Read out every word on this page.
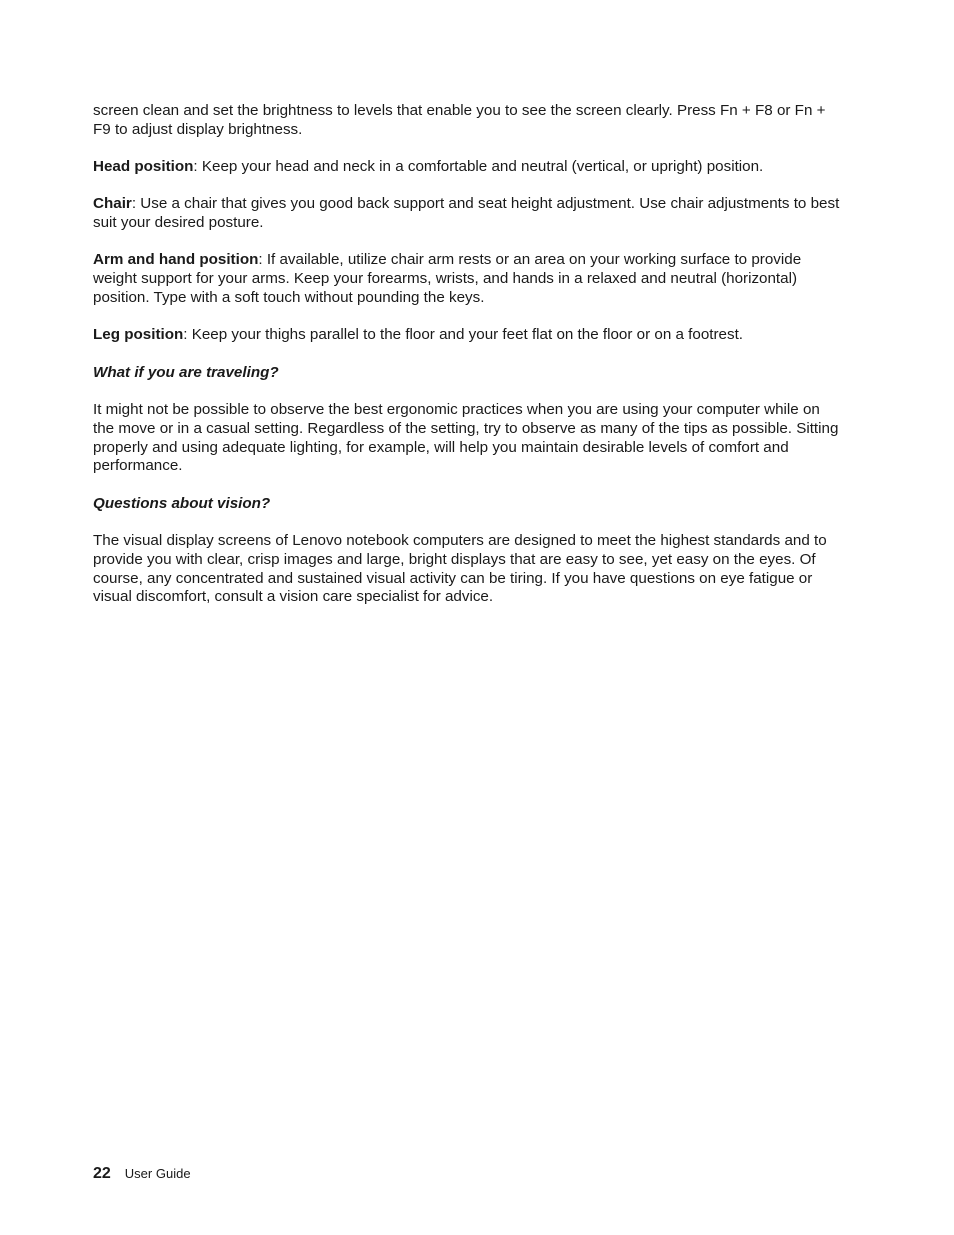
screen clean and set the brightness to levels that enable you to see the screen clearly. Press Fn + F8 or Fn + F9 to adjust display brightness.

Head position: Keep your head and neck in a comfortable and neutral (vertical, or upright) position.

Chair: Use a chair that gives you good back support and seat height adjustment. Use chair adjustments to best suit your desired posture.

Arm and hand position: If available, utilize chair arm rests or an area on your working surface to provide weight support for your arms. Keep your forearms, wrists, and hands in a relaxed and neutral (horizontal) position. Type with a soft touch without pounding the keys.

Leg position: Keep your thighs parallel to the floor and your feet flat on the floor or on a footrest.

What if you are traveling?

It might not be possible to observe the best ergonomic practices when you are using your computer while on the move or in a casual setting. Regardless of the setting, try to observe as many of the tips as possible. Sitting properly and using adequate lighting, for example, will help you maintain desirable levels of comfort and performance.

Questions about vision?

The visual display screens of Lenovo notebook computers are designed to meet the highest standards and to provide you with clear, crisp images and large, bright displays that are easy to see, yet easy on the eyes. Of course, any concentrated and sustained visual activity can be tiring. If you have questions on eye fatigue or visual discomfort, consult a vision care specialist for advice.

22 User Guide
